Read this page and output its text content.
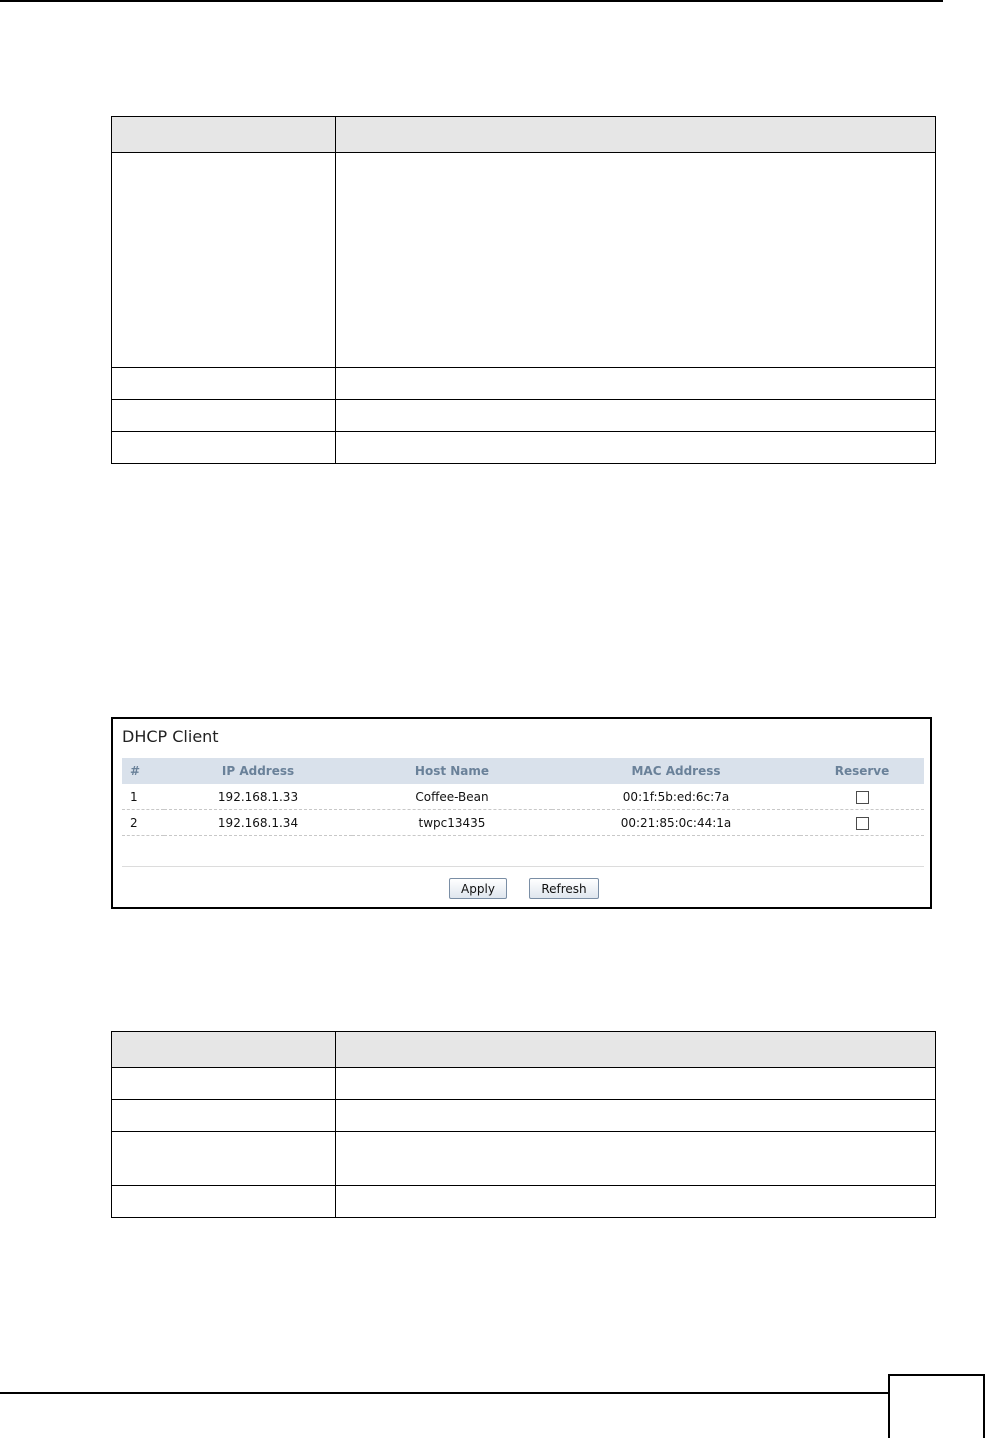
DHCP Client
#	IP Address	Host Name	MAC Address	Reserve
1	192.168.1.33	Coffee-Bean	00:1f:5b:ed:6c:7a	
2	192.168.1.34	twpc13435	00:21:85:0c:44:1a	
Apply	Refresh
